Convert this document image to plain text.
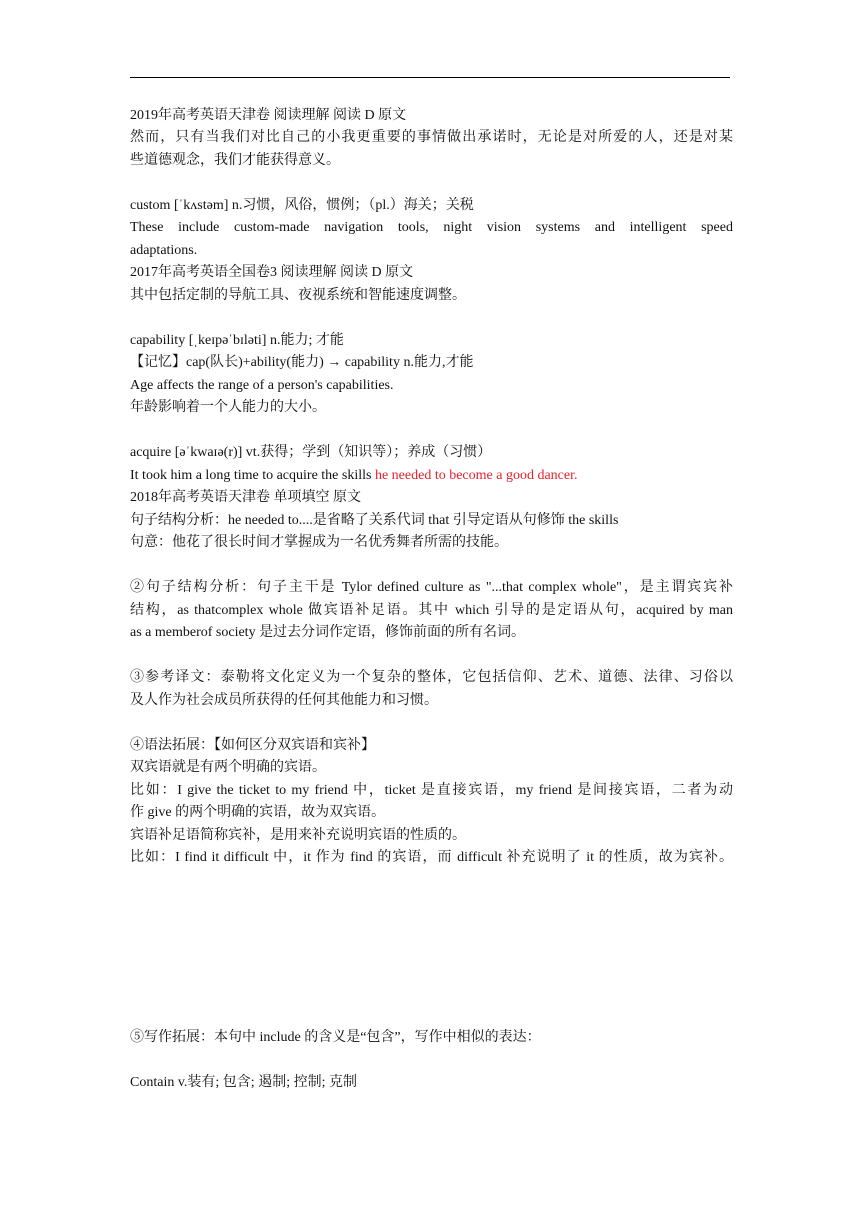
2019年高考英语天津卷 阅读理解 阅读 D 原文
然而，只有当我们对比自己的小我更重要的事情做出承诺时，无论是对所爱的人，还是对某
些道德观念，我们才能获得意义。
custom [ˈkʌstəm] n.习惯，风俗，惯例；（pl.）海关；关税
These include custom-made navigation tools, night vision systems and intelligent speed
adaptations.
2017年高考英语全国卷3 阅读理解 阅读 D 原文
其中包括定制的导航工具、夜视系统和智能速度调整。
capability [ˌkeɪpəˈbɪləti] n.能力; 才能
【记忆】cap(队长)+ability(能力) → capability n.能力,才能
Age affects the range of a person's capabilities.
年龄影响着一个人能力的大小。
acquire [əˈkwaɪə(r)] vt.获得；学到（知识等）；养成（习惯）
It took him a long time to acquire the skills he needed to become a good dancer.
2018年高考英语天津卷 单项填空 原文
句子结构分析：he needed to....是省略了关系代词 that 引导定语从句修饰 the skills
句意：他花了很长时间才掌握成为一名优秀舞者所需的技能。
②句子结构分析：句子主干是 Tylor defined culture as "...that complex whole"，是主谓宾宾补
结构，as thatcomplex whole 做宾语补足语。其中 which 引导的是定语从句，acquired by man
as a memberof society 是过去分词作定语，修饰前面的所有名词。
③参考译文：泰勒将文化定义为一个复杂的整体，它包括信仰、艺术、道德、法律、习俗以
及人作为社会成员所获得的任何其他能力和习惯。
④语法拓展：【如何区分双宾语和宾补】
双宾语就是有两个明确的宾语。
比如：I give the ticket to my friend 中，ticket 是直接宾语，my friend 是间接宾语，二者为动
作 give 的两个明确的宾语，故为双宾语。
宾语补足语简称宾补，是用来补充说明宾语的性质的。
比如：I find it difficult 中，it 作为 find 的宾语，而 difficult 补充说明了 it 的性质，故为宾补。
⑤写作拓展：本句中 include 的含义是“包含”，写作中相似的表达：
Contain v.装有; 包含; 遏制; 控制; 克制
